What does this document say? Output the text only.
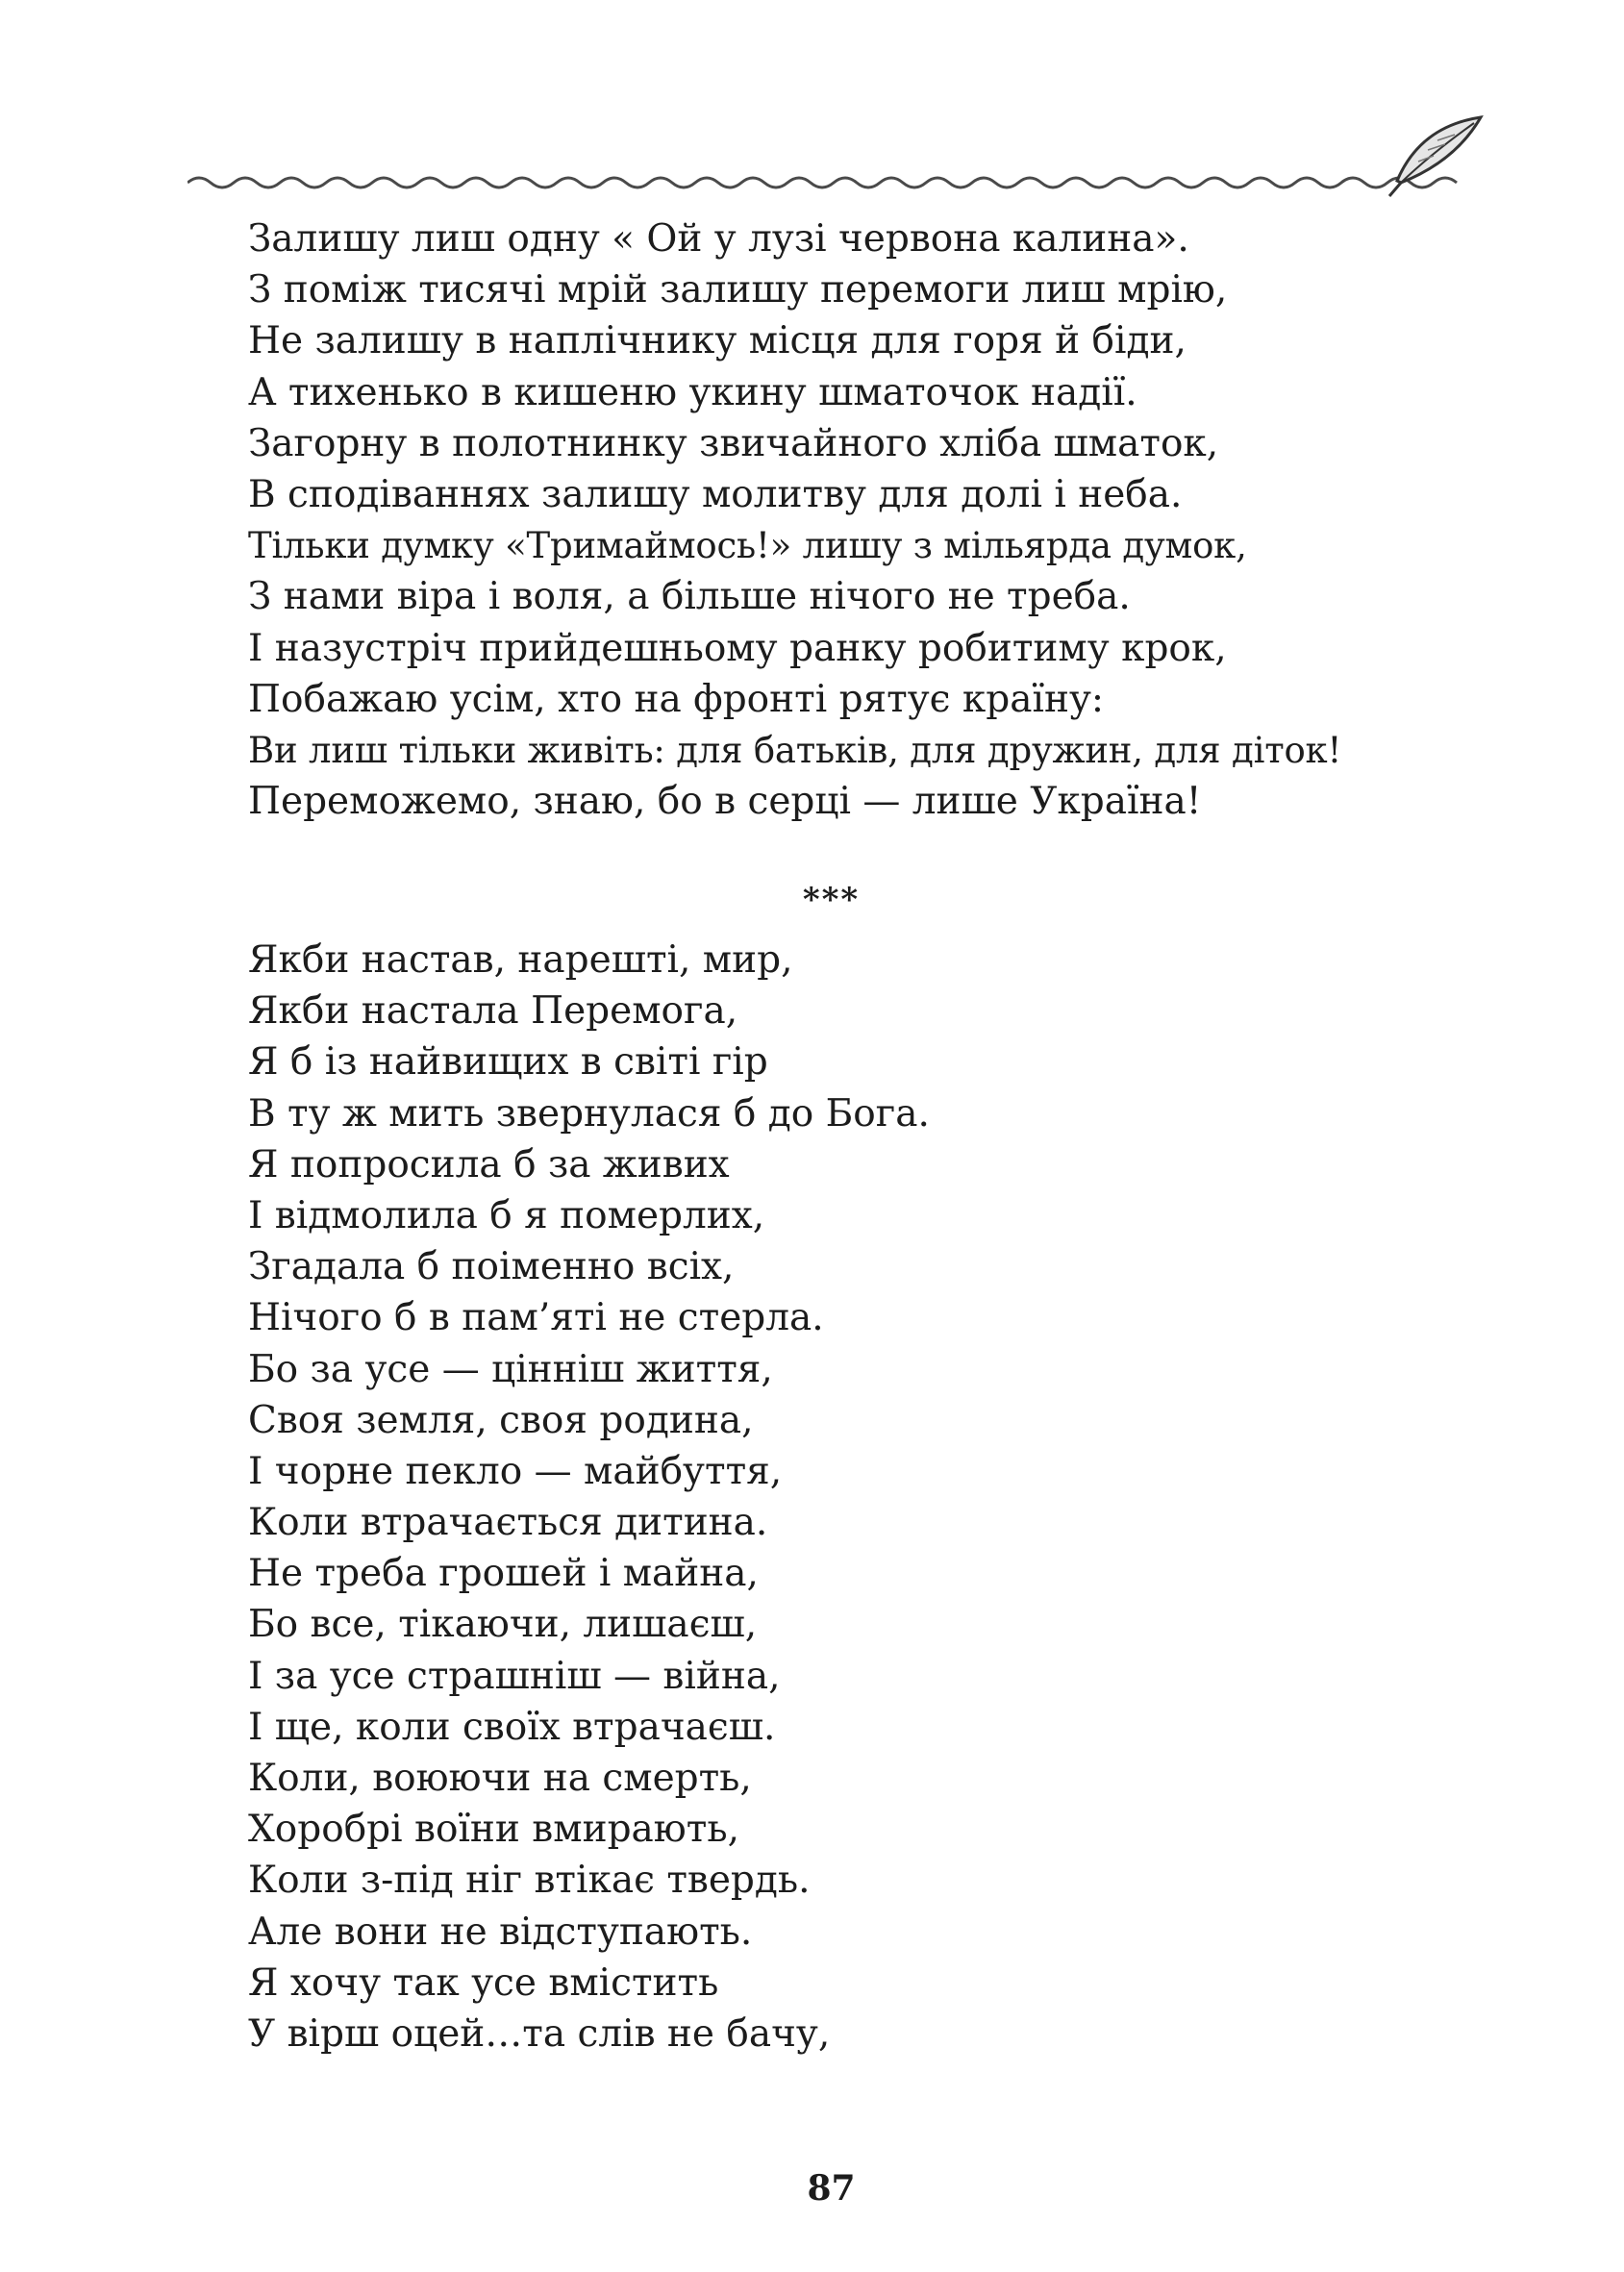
Залишу лиш одну « Ой у лузі червона калина».
З поміж тисячі мрій залишу перемоги лиш мрію,
Не залишу в наплічнику місця для горя й біди,
А тихенько в кишеню укину шматочок надії.
Загорну в полотнинку звичайного хліба шматок,
В сподіваннях залишу молитву для долі і неба.
Тільки думку «Тримаймось!» лишу з мільярда думок,
З нами віра і воля, а більше нічого не треба.
І назустріч прийдешньому ранку робитиму крок,
Побажаю усім, хто на фронті рятує країну:
Ви лиш тільки живіть: для батьків, для дружин, для діток!
Переможемо, знаю, бо в серці — лише Україна!
***
Якби настав, нарешті, мир,
Якби настала Перемога,
Я б із найвищих в світі гір
В ту ж мить звернулася б до Бога.
Я попросила б за живих
І відмолила б я померлих,
Згадала б поіменно всіх,
Нічого б в пам’яті не стерла.
Бо за усе — цінніш життя,
Своя земля, своя родина,
І чорне пекло — майбуття,
Коли втрачається дитина.
Не треба грошей і майна,
Бо все, тікаючи, лишаєш,
І за усе страшніш — війна,
І ще, коли своїх втрачаєш.
Коли, воюючи на смерть,
Хоробрі воїни вмирають,
Коли з-під ніг втікає твердь.
Але вони не відступають.
Я хочу так усе вмістить
У вірш оцей…та слів не бачу,
87
